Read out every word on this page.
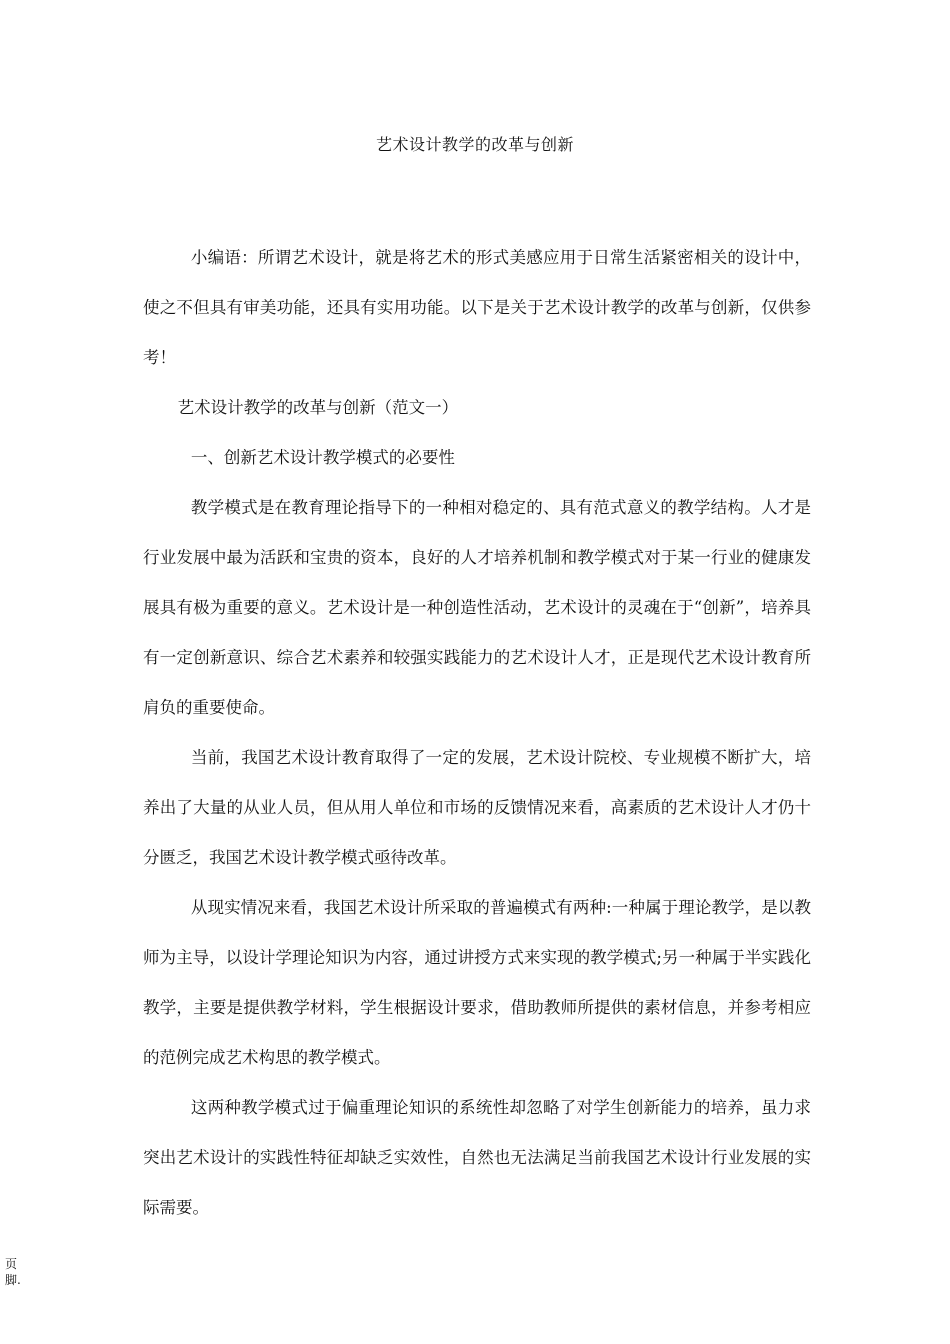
艺术设计教学的改革与创新

小编语：所谓艺术设计，就是将艺术的形式美感应用于日常生活紧密相关的设计中，使之不但具有审美功能，还具有实用功能。以下是关于艺术设计教学的改革与创新，仅供参考！

艺术设计教学的改革与创新（范文一）

一、创新艺术设计教学模式的必要性

教学模式是在教育理论指导下的一种相对稳定的、具有范式意义的教学结构。人才是行业发展中最为活跃和宝贵的资本，良好的人才培养机制和教学模式对于某一行业的健康发展具有极为重要的意义。艺术设计是一种创造性活动，艺术设计的灵魂在于“创新”，培养具有一定创新意识、综合艺术素养和较强实践能力的艺术设计人才，正是现代艺术设计教育所肩负的重要使命。

当前，我国艺术设计教育取得了一定的发展，艺术设计院校、专业规模不断扩大，培养出了大量的从业人员，但从用人单位和市场的反馈情况来看，高素质的艺术设计人才仍十分匮乏，我国艺术设计教学模式亟待改革。

从现实情况来看，我国艺术设计所采取的普遍模式有两种:一种属于理论教学，是以教师为主导，以设计学理论知识为内容，通过讲授方式来实现的教学模式;另一种属于半实践化教学，主要是提供教学材料，学生根据设计要求，借助教师所提供的素材信息，并参考相应的范例完成艺术构思的教学模式。

这两种教学模式过于偏重理论知识的系统性却忽略了对学生创新能力的培养，虽力求突出艺术设计的实践性特征却缺乏实效性，自然也无法满足当前我国艺术设计行业发展的实际需要。

页脚.
